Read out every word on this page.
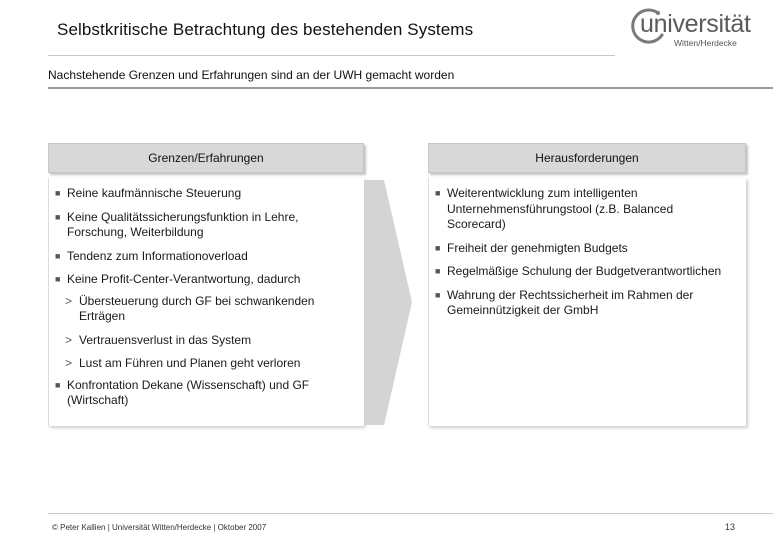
Selbstkritische Betrachtung des bestehenden Systems	universität
Witten/Herdecke
Nachstehende Grenzen und Erfahrungen sind an der UWH gemacht worden
Grenzen/Erfahrungen
■ Reine kaufmännische Steuerung
■ Keine Qualitätssicherungsfunktion in Lehre, Forschung, Weiterbildung
■ Tendenz zum Informationoverload
■ Keine Profit-Center-Verantwortung, dadurch
> Übersteuerung durch GF bei schwankenden Erträgen
> Vertrauensverlust in das System
> Lust am Führen und Planen geht verloren
■ Konfrontation Dekane (Wissenschaft) und GF (Wirtschaft)
Herausforderungen
■ Weiterentwicklung zum intelligenten Unternehmensführungstool (z.B. Balanced Scorecard)
■ Freiheit der genehmigten Budgets
■ Regelmäßige Schulung der Budgetverantwortlichen
■ Wahrung der Rechtssicherheit im Rahmen der Gemeinnützigkeit der GmbH
© Peter Kallien | Universität Witten/Herdecke | Oktober 2007	13
